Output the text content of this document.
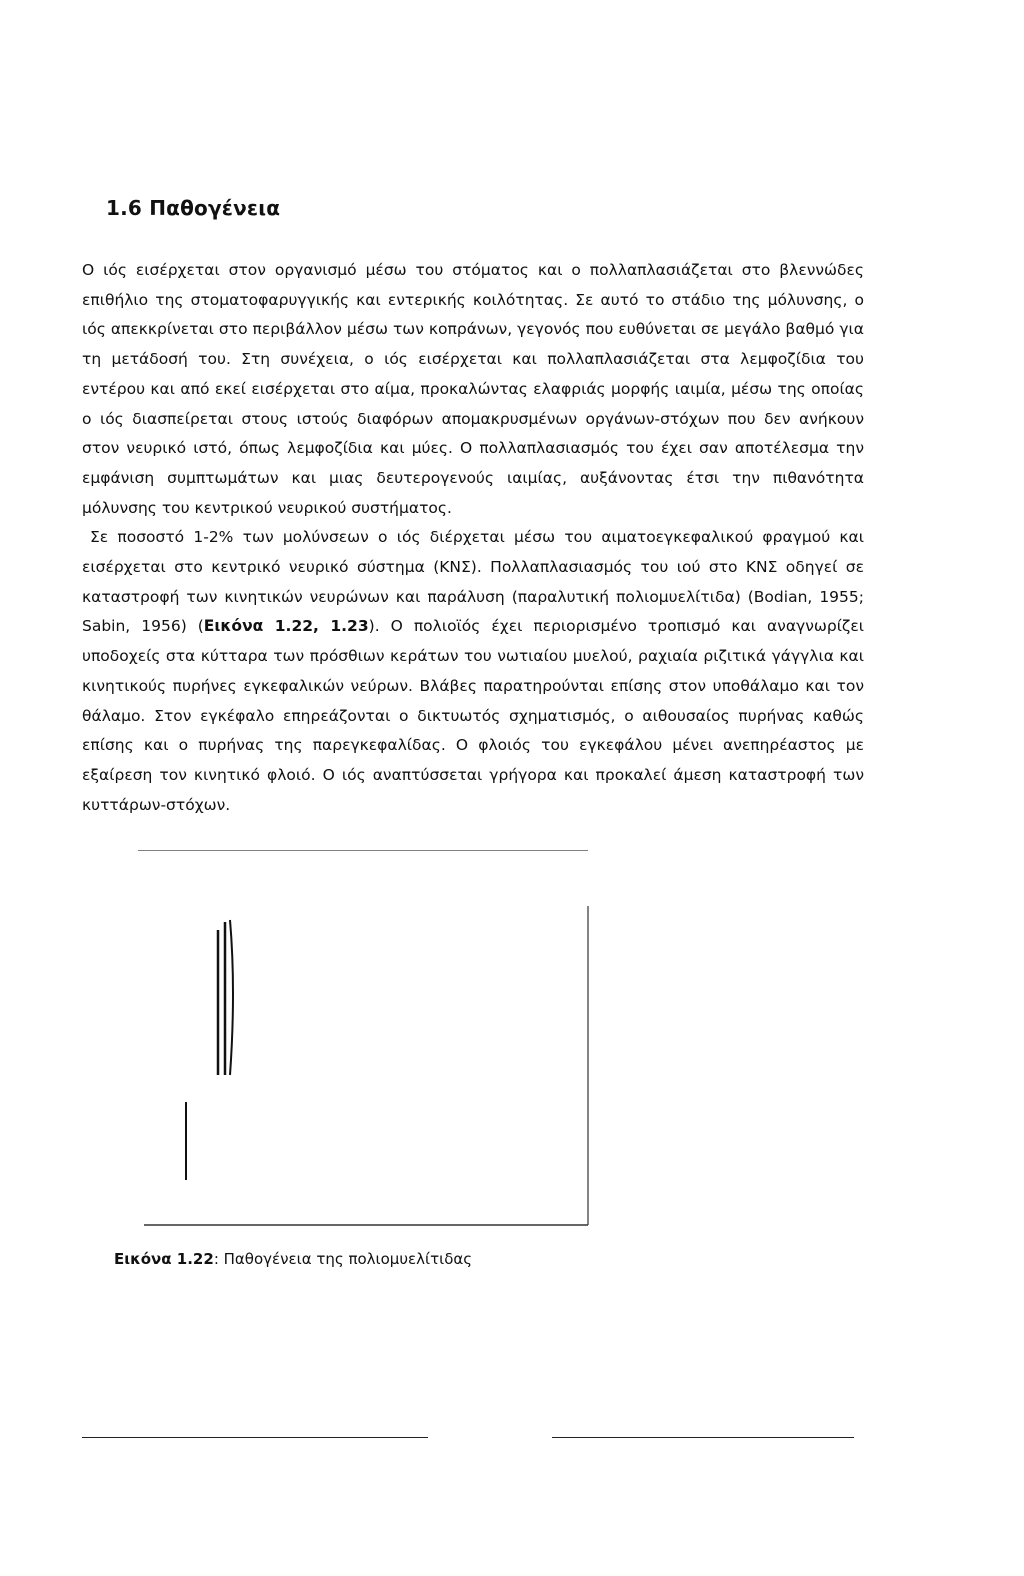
1.6 Παθογένεια

Ο ιός εισέρχεται στον οργανισμό μέσω του στόματος και ο πολλαπλασιάζεται στο βλεννώδες επιθήλιο της στοματοφαρυγγικής και εντερικής κοιλότητας. Σε αυτό το στάδιο της μόλυνσης, ο ιός απεκκρίνεται στο περιβάλλον μέσω των κοπράνων, γεγονός που ευθύνεται σε μεγάλο βαθμό για τη μετάδοσή του. Στη συνέχεια, ο ιός εισέρχεται και πολλαπλασιάζεται στα λεμφοζίδια του εντέρου και από εκεί εισέρχεται στο αίμα, προκαλώντας ελαφριάς μορφής ιαιμία, μέσω της οποίας ο ιός διασπείρεται στους ιστούς διαφόρων απομακρυσμένων οργάνων-στόχων που δεν ανήκουν στον νευρικό ιστό, όπως λεμφοζίδια και μύες. Ο πολλαπλασιασμός του έχει σαν αποτέλεσμα την εμφάνιση συμπτωμάτων και μιας δευτερογενούς ιαιμίας, αυξάνοντας έτσι την πιθανότητα μόλυνσης του κεντρικού νευρικού συστήματος.

Σε ποσοστό 1-2% των μολύνσεων ο ιός διέρχεται μέσω του αιματοεγκεφαλικού φραγμού και εισέρχεται στο κεντρικό νευρικό σύστημα (ΚΝΣ). Πολλαπλασιασμός του ιού στο ΚΝΣ οδηγεί σε καταστροφή των κινητικών νευρώνων και παράλυση (παραλυτική πολιομυελίτιδα) (Bodian, 1955; Sabin, 1956) (Εικόνα 1.22, 1.23). Ο πολιοϊός έχει περιορισμένο τροπισμό και αναγνωρίζει υποδοχείς στα κύτταρα των πρόσθιων κεράτων του νωτιαίου μυελού, ραχιαία ριζιτικά γάγγλια και κινητικούς πυρήνες εγκεφαλικών νεύρων. Βλάβες παρατηρούνται επίσης στον υποθάλαμο και τον θάλαμο. Στον εγκέφαλο επηρεάζονται ο δικτυωτός σχηματισμός, ο αιθουσαίος πυρήνας καθώς επίσης και ο πυρήνας της παρεγκεφαλίδας. Ο φλοιός του εγκεφάλου μένει ανεπηρέαστος με εξαίρεση τον κινητικό φλοιό. Ο ιός αναπτύσσεται γρήγορα και προκαλεί άμεση καταστροφή των κυττάρων-στόχων.

Εικόνα 1.22: Παθογένεια της πολιομυελίτιδας
